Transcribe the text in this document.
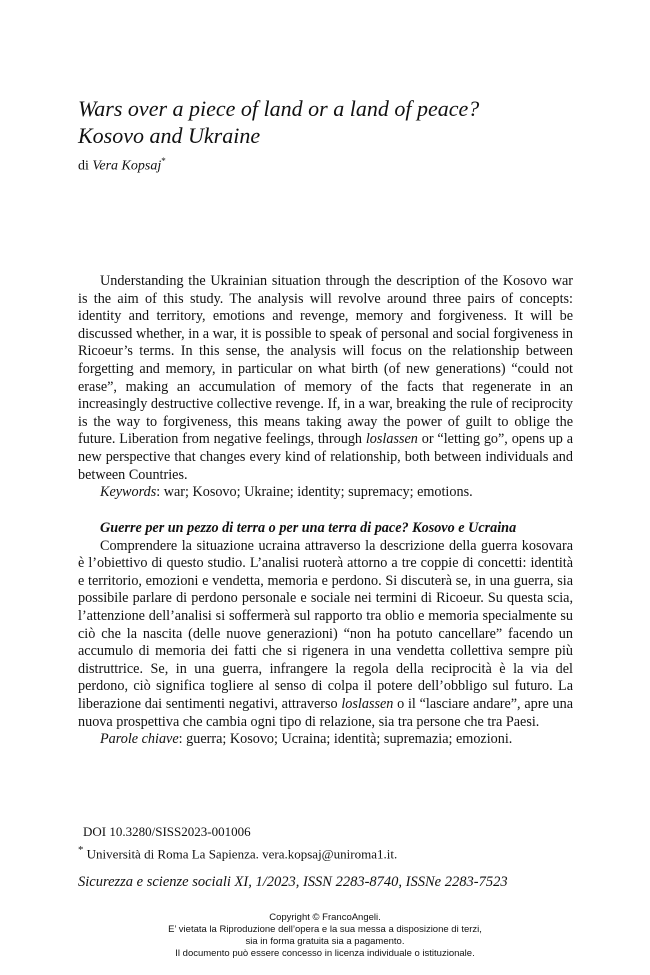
Wars over a piece of land or a land of peace?
Kosovo and Ukraine
di Vera Kopsaj*

Understanding the Ukrainian situation through the description of the Kosovo war is the aim of this study. The analysis will revolve around three pairs of concepts: identity and territory, emotions and revenge, memory and forgiveness. It will be discussed whether, in a war, it is possible to speak of personal and social forgiveness in Ricoeur’s terms. In this sense, the analysis will focus on the relationship between forgetting and memory, in particular on what birth (of new generations) “could not erase”, making an accumulation of memory of the facts that regenerate in an increasingly destructive collective revenge. If, in a war, breaking the rule of reciprocity is the way to forgiveness, this means taking away the power of guilt to oblige the future. Liberation from negative feelings, through loslassen or “letting go”, opens up a new perspective that changes every kind of relationship, both between individuals and between Countries.

Keywords: war; Kosovo; Ukraine; identity; supremacy; emotions.

Guerre per un pezzo di terra o per una terra di pace? Kosovo e Ucraina

Comprendere la situazione ucraina attraverso la descrizione della guerra kosovara è l’obiettivo di questo studio. L’analisi ruoterà attorno a tre coppie di concetti: identità e territorio, emozioni e vendetta, memoria e perdono. Si discuterà se, in una guerra, sia possibile parlare di perdono personale e sociale nei termini di Ricoeur. Su questa scia, l’attenzione dell’analisi si soffermerà sul rapporto tra oblio e memoria specialmente su ciò che la nascita (delle nuove generazioni) “non ha potuto cancellare” facendo un accumulo di memoria dei fatti che si rigenera in una vendetta collettiva sempre più distruttrice. Se, in una guerra, infrangere la regola della reciprocità è la via del perdono, ciò significa togliere al senso di colpa il potere dell’obbligo sul futuro. La liberazione dai sentimenti negativi, attraverso loslassen o il “lasciare andare”, apre una nuova prospettiva che cambia ogni tipo di relazione, sia tra persone che tra Paesi.

Parole chiave: guerra; Kosovo; Ucraina; identità; supremazia; emozioni.

DOI 10.3280/SISS2023-001006
* Università di Roma La Sapienza. vera.kopsaj@uniroma1.it.
Sicurezza e scienze sociali XI, 1/2023, ISSN 2283-8740, ISSNe 2283-7523
Copyright © FrancoAngeli.
E’ vietata la Riproduzione dell’opera e la sua messa a disposizione di terzi,
sia in forma gratuita sia a pagamento.
Il documento può essere concesso in licenza individuale o istituzionale.
